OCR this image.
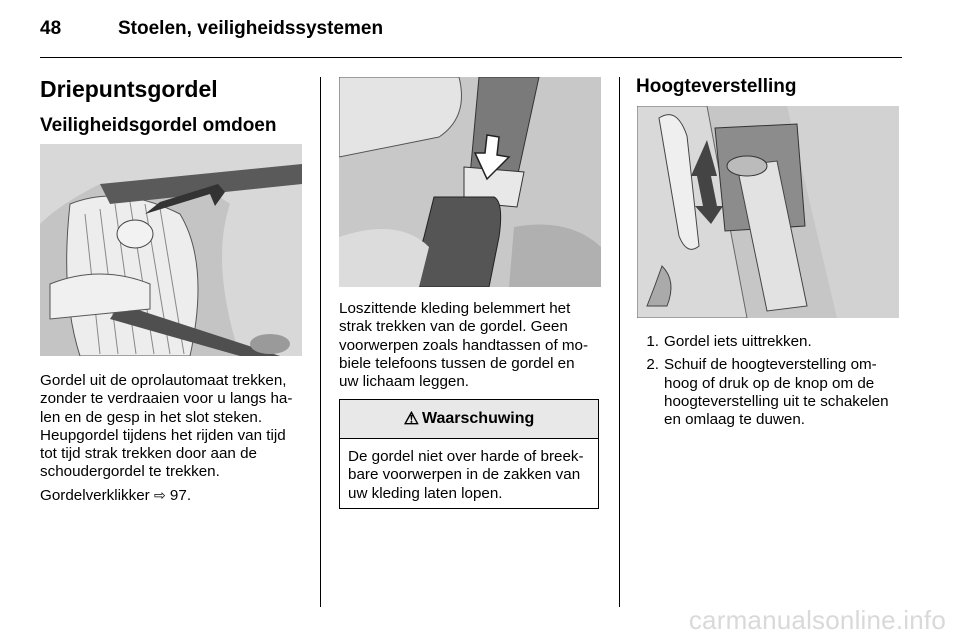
48	Stoelen, veiligheidssystemen
Driepuntsgordel
Veiligheidsgordel omdoen
Gordel uit de oprolautomaat trekken,
zonder te verdraaien voor u langs ha-
len en de gesp in het slot steken.
Heupgordel tijdens het rijden van tijd
tot tijd strak trekken door aan de
schoudergordel te trekken.
Gordelverklikker ⇨ 97.
Loszittende kleding belemmert het
strak trekken van de gordel. Geen
voorwerpen zoals handtassen of mo-
biele telefoons tussen de gordel en
uw lichaam leggen.
⚠ Waarschuwing
De gordel niet over harde of breek-
bare voorwerpen in de zakken van
uw kleding laten lopen.
Hoogteverstelling
1. Gordel iets uittrekken.
2. Schuif de hoogteverstelling om-
hoog of druk op de knop om de
hoogteverstelling uit te schakelen
en omlaag te duwen.
carmanualsonline.info
